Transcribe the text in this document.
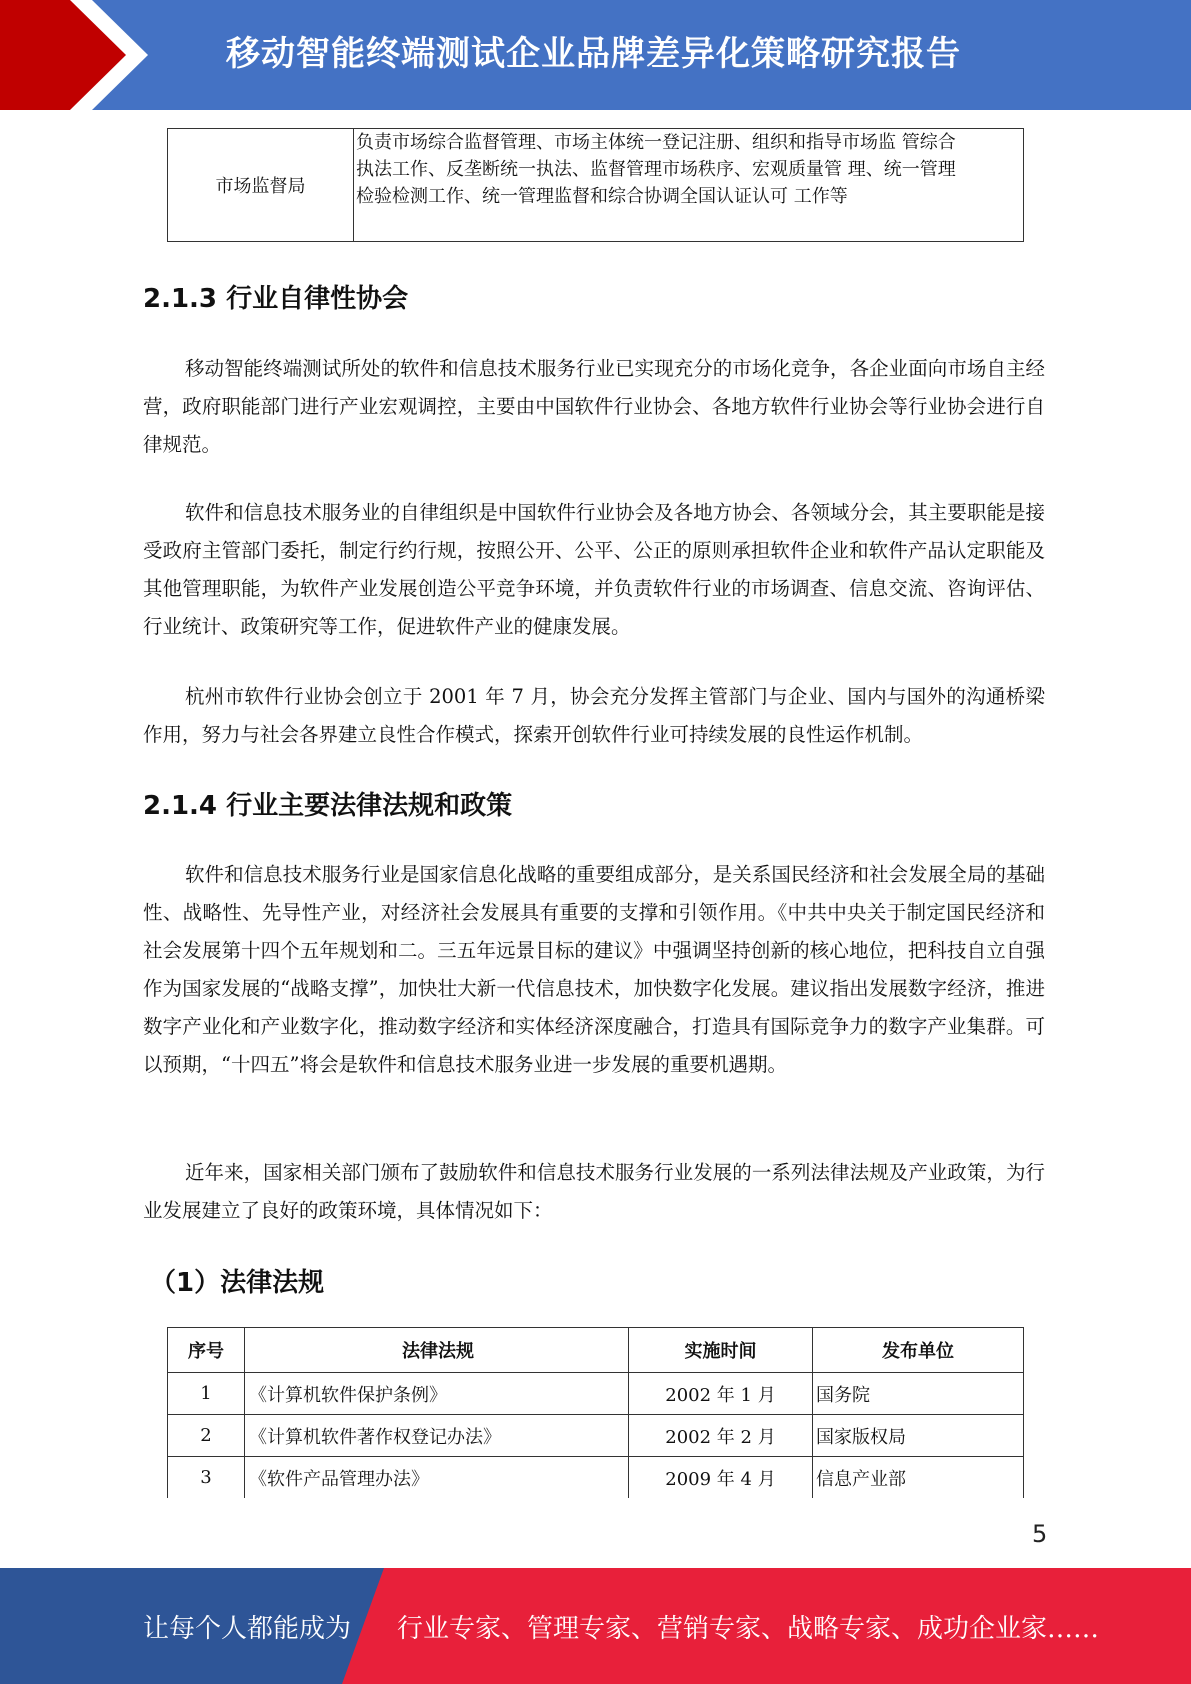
移动智能终端测试企业品牌差异化策略研究报告
市场监督局	
负责市场综合监督管理、市场主体统一登记注册、组织和指导市场监 管综合
执法工作、反垄断统一执法、监督管理市场秩序、宏观质量管 理、统一管理
检验检测工作、统一管理监督和综合协调全国认证认可 工作等
2.1.3 行业自律性协会
移动智能终端测试所处的软件和信息技术服务行业已实现充分的市场化竞争，各企业面向市场自主经营，政府职能部门进行产业宏观调控，主要由中国软件行业协会、各地方软件行业协会等行业协会进行自律规范。
软件和信息技术服务业的自律组织是中国软件行业协会及各地方协会、各领域分会，其主要职能是接受政府主管部门委托，制定行约行规，按照公开、公平、公正的原则承担软件企业和软件产品认定职能及其他管理职能，为软件产业发展创造公平竞争环境，并负责软件行业的市场调查、信息交流、咨询评估、行业统计、政策研究等工作，促进软件产业的健康发展。
杭州市软件行业协会创立于 2001 年 7 月，协会充分发挥主管部门与企业、国内与国外的沟通桥梁作用，努力与社会各界建立良性合作模式，探索开创软件行业可持续发展的良性运作机制。
2.1.4 行业主要法律法规和政策
软件和信息技术服务行业是国家信息化战略的重要组成部分，是关系国民经济和社会发展全局的基础性、战略性、先导性产业，对经济社会发展具有重要的支撑和引领作用。《中共中央关于制定国民经济和社会发展第十四个五年规划和二。三五年远景目标的建议》中强调坚持创新的核心地位，把科技自立自强作为国家发展的“战略支撑”，加快壮大新一代信息技术，加快数字化发展。建议指出发展数字经济，推进数字产业化和产业数字化，推动数字经济和实体经济深度融合，打造具有国际竞争力的数字产业集群。可以预期，“十四五”将会是软件和信息技术服务业进一步发展的重要机遇期。
近年来，国家相关部门颁布了鼓励软件和信息技术服务行业发展的一系列法律法规及产业政策，为行业发展建立了良好的政策环境，具体情况如下：
（1）法律法规
序号	法律法规	实施时间	发布单位
1	《计算机软件保护条例》	2002 年 1 月	国务院
2	《计算机软件著作权登记办法》	2002 年 2 月	国家版权局
3	《软件产品管理办法》	2009 年 4 月	信息产业部
5
让每个人都能成为 行业专家、管理专家、营销专家、战略专家、成功企业家……
